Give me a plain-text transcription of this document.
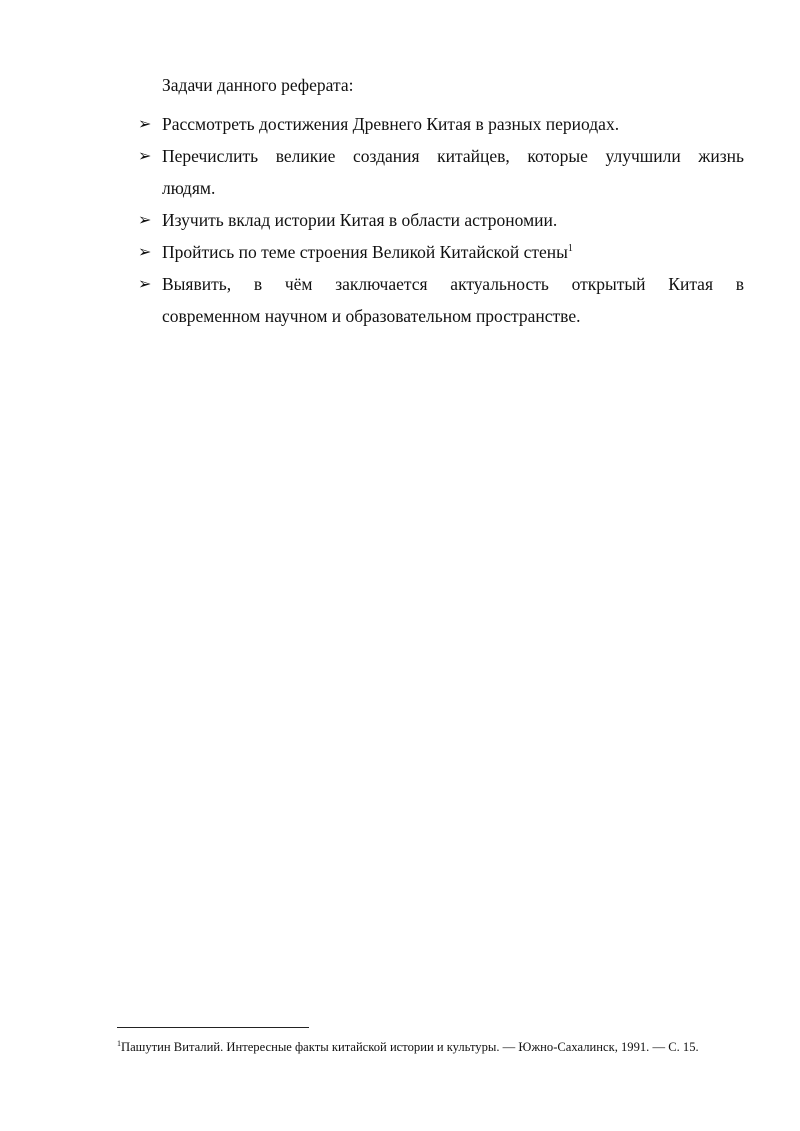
Задачи данного реферата:

➢ Рассмотреть достижения Древнего Китая в разных периодах.
➢ Перечислить великие создания китайцев, которые улучшили жизнь
людям.
➢ Изучить вклад истории Китая в области астрономии.
➢ Пройтись по теме строения Великой Китайской стены$^1$
➢ Выявить, в чём заключается актуальность открытый Китая в
современном научном и образовательном пространстве.

$^1$Пашутин Виталий. Интересные факты китайской истории и культуры. — Южно-Сахалинск, 1991. — С. 15.
